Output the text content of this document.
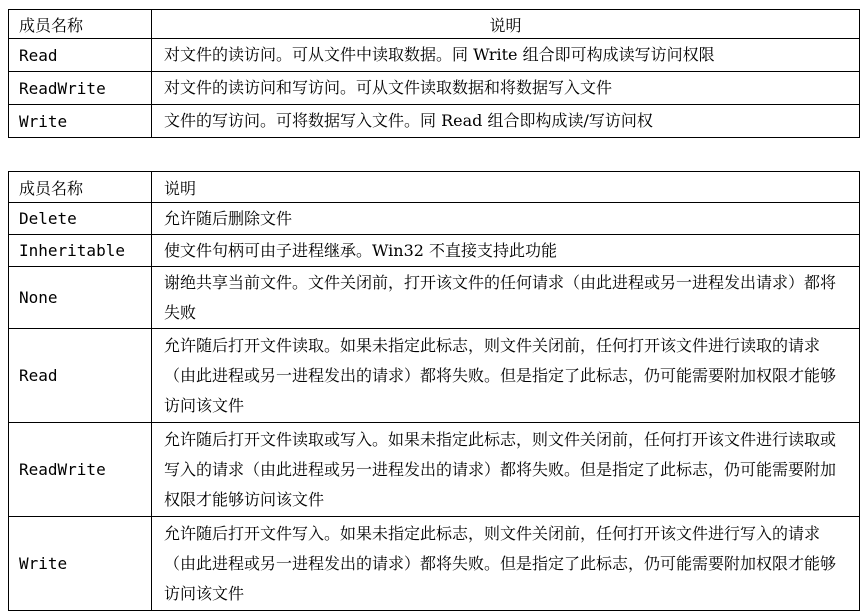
成员名称	说明
Read	对文件的读访问。可从文件中读取数据。同 Write 组合即可构成读写访问权限
ReadWrite	对文件的读访问和写访问。可从文件读取数据和将数据写入文件
Write	文件的写访问。可将数据写入文件。同 Read 组合即构成读/写访问权
成员名称	说明
Delete	允许随后删除文件
Inheritable	使文件句柄可由子进程继承。Win32 不直接支持此功能
None	谢绝共享当前文件。文件关闭前，打开该文件的任何请求（由此进程或另一进程发出请求）都将失败
Read	允许随后打开文件读取。如果未指定此标志，则文件关闭前，任何打开该文件进行读取的请求（由此进程或另一进程发出的请求）都将失败。但是指定了此标志，仍可能需要附加权限才能够访问该文件
ReadWrite	允许随后打开文件读取或写入。如果未指定此标志，则文件关闭前，任何打开该文件进行读取或写入的请求（由此进程或另一进程发出的请求）都将失败。但是指定了此标志，仍可能需要附加权限才能够访问该文件
Write	允许随后打开文件写入。如果未指定此标志，则文件关闭前，任何打开该文件进行写入的请求（由此进程或另一进程发出的请求）都将失败。但是指定了此标志，仍可能需要附加权限才能够访问该文件
